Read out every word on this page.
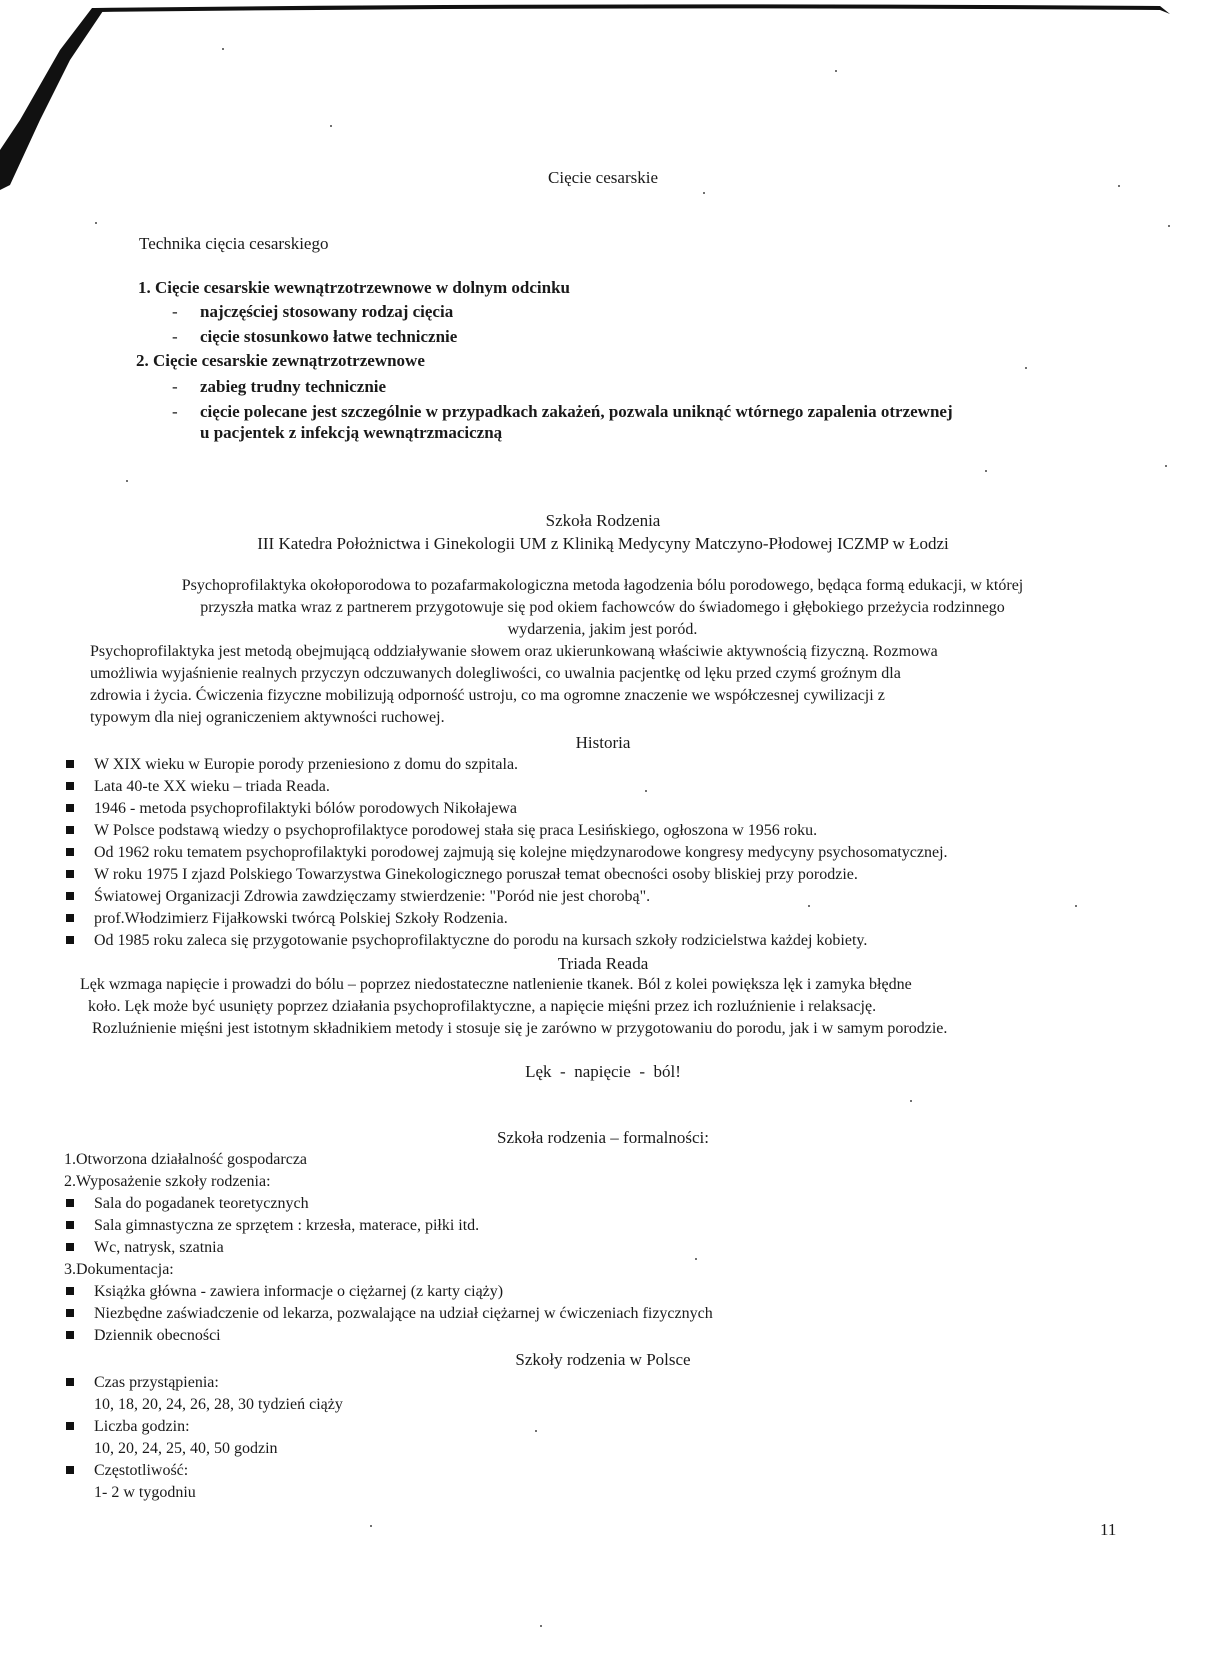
Cięcie cesarskie
Technika cięcia cesarskiego
1. Cięcie cesarskie wewnątrzotrzewnowe w dolnym odcinku
- najczęściej stosowany rodzaj cięcia
- cięcie stosunkowo łatwe technicznie
2. Cięcie cesarskie zewnątrzotrzewnowe
- zabieg trudny technicznie
- cięcie polecane jest szczególnie w przypadkach zakażeń, pozwala uniknąć wtórnego zapalenia otrzewnej
u pacjentek z infekcją wewnątrzmaciczną
Szkoła Rodzenia
III Katedra Położnictwa i Ginekologii UM z Kliniką Medycyny Matczyno-Płodowej ICZMP w Łodzi
Psychoprofilaktyka okołoporodowa to pozafarmakologiczna metoda łagodzenia bólu porodowego, będąca formą edukacji, w której
przyszła matka wraz z partnerem przygotowuje się pod okiem fachowców do świadomego i głębokiego przeżycia rodzinnego
wydarzenia, jakim jest poród.
Psychoprofilaktyka jest metodą obejmującą oddziaływanie słowem oraz ukierunkowaną właściwie aktywnością fizyczną. Rozmowa
umożliwia wyjaśnienie realnych przyczyn odczuwanych dolegliwości, co uwalnia pacjentkę od lęku przed czymś groźnym dla
zdrowia i życia. Ćwiczenia fizyczne mobilizują odporność ustroju, co ma ogromne znaczenie we współczesnej cywilizacji z
typowym dla niej ograniczeniem aktywności ruchowej.
Historia
W XIX wieku w Europie porody przeniesiono z domu do szpitala.
Lata 40-te XX wieku – triada Reada.
1946 - metoda psychoprofilaktyki bólów porodowych Nikołajewa
W Polsce podstawą wiedzy o psychoprofilaktyce porodowej stała się praca Lesińskiego, ogłoszona w 1956 roku.
Od 1962 roku tematem psychoprofilaktyki porodowej zajmują się kolejne międzynarodowe kongresy medycyny psychosomatycznej.
W roku 1975 I zjazd Polskiego Towarzystwa Ginekologicznego poruszał temat obecności osoby bliskiej przy porodzie.
Światowej Organizacji Zdrowia zawdzięczamy stwierdzenie: "Poród nie jest chorobą".
prof.Włodzimierz Fijałkowski twórcą Polskiej Szkoły Rodzenia.
Od 1985 roku zaleca się przygotowanie psychoprofilaktyczne do porodu na kursach szkoły rodzicielstwa każdej kobiety.
Triada Reada
Lęk wzmaga napięcie i prowadzi do bólu – poprzez niedostateczne natlenienie tkanek. Ból z kolei powiększa lęk i zamyka błędne
koło. Lęk może być usunięty poprzez działania psychoprofilaktyczne, a napięcie mięśni przez ich rozluźnienie i relaksację.
Rozluźnienie mięśni jest istotnym składnikiem metody i stosuje się je zarówno w przygotowaniu do porodu, jak i w samym porodzie.
Lęk  -  napięcie  -  ból!
Szkoła rodzenia – formalności:
1.Otworzona działalność gospodarcza
2.Wyposażenie szkoły rodzenia:
Sala do pogadanek teoretycznych
Sala gimnastyczna ze sprzętem : krzesła, materace, piłki itd.
Wc, natrysk, szatnia
3.Dokumentacja:
Książka główna - zawiera informacje o ciężarnej (z karty ciąży)
Niezbędne zaświadczenie od lekarza, pozwalające na udział ciężarnej w ćwiczeniach fizycznych
Dziennik obecności
Szkoły rodzenia w Polsce
Czas przystąpienia:
10, 18, 20, 24, 26, 28, 30 tydzień ciąży
Liczba godzin:
10, 20, 24, 25, 40, 50 godzin
Częstotliwość:
1- 2 w tygodniu
11
